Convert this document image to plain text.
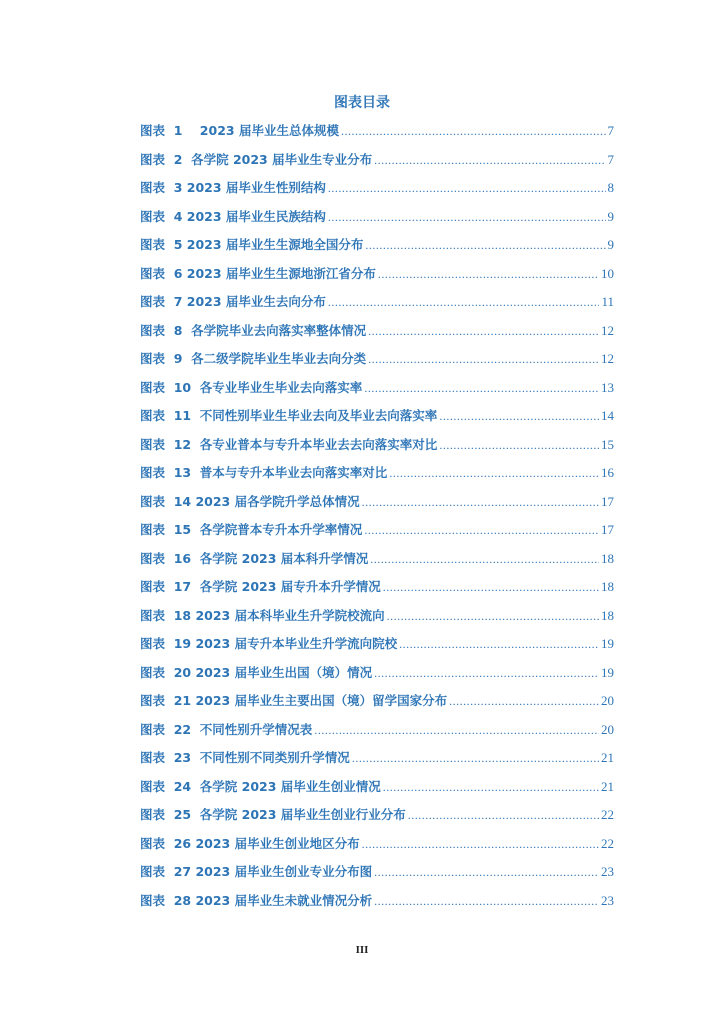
图表目录
图表  1    2023 届毕业生总体规模 .....	7
图表  2  各学院 2023 届毕业生专业分布 .....	7
图表  3 2023 届毕业生性别结构 .....	8
图表  4 2023 届毕业生民族结构 .....	9
图表  5 2023 届毕业生生源地全国分布 .....	9
图表  6 2023 届毕业生生源地浙江省分布 .....	10
图表  7 2023 届毕业生去向分布 .....	11
图表  8  各学院毕业去向落实率整体情况 .....	12
图表  9  各二级学院毕业生毕业去向分类 .....	12
图表  10  各专业毕业生毕业去向落实率 .....	13
图表  11  不同性别毕业生毕业去向及毕业去向落实率 .....	14
图表  12  各专业普本与专升本毕业去去向落实率对比 .....	15
图表  13  普本与专升本毕业去向落实率对比 .....	16
图表  14 2023 届各学院升学总体情况 .....	17
图表  15  各学院普本专升本升学率情况 .....	17
图表  16  各学院 2023 届本科升学情况 .....	18
图表  17  各学院 2023 届专升本升学情况 .....	18
图表  18 2023 届本科毕业生升学院校流向 .....	18
图表  19 2023 届专升本毕业生升学流向院校 .....	19
图表  20 2023 届毕业生出国（境）情况 .....	19
图表  21 2023 届毕业生主要出国（境）留学国家分布 .....	20
图表  22  不同性别升学情况表 .....	20
图表  23  不同性别不同类别升学情况 .....	21
图表  24  各学院 2023 届毕业生创业情况 .....	21
图表  25  各学院 2023 届毕业生创业行业分布 .....	22
图表  26 2023 届毕业生创业地区分布 .....	22
图表  27 2023 届毕业生创业专业分布图 .....	23
图表  28 2023 届毕业生未就业情况分析 .....	23
III
